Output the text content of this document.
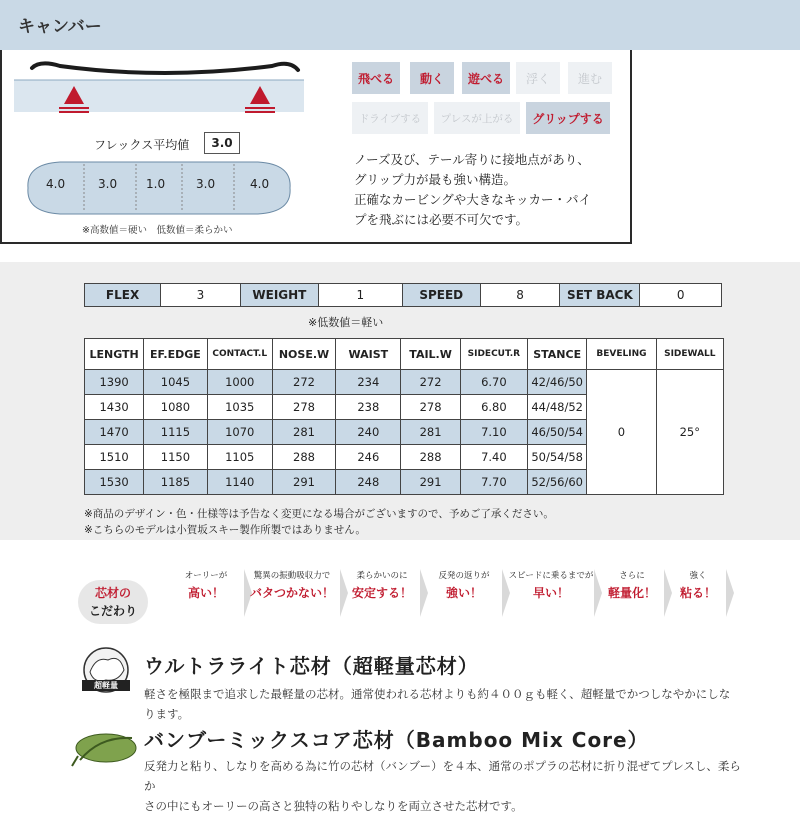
キャンバー
飛べる 動く 遊べる 浮く 進む
ドライブする プレスが上がる グリップする
フレックス平均値	3.0
4.0	3.0 1.0	3.0	4.0
※高数値＝硬い　低数値＝柔らかい
ノーズ及び、テール寄りに接地点があり、
グリップ力が最も強い構造。
正確なカービングや大きなキッカー・パイ
プを飛ぶには必要不可欠です。
FLEX	3	WEIGHT	1	SPEED	8	SET BACK	0
※低数値＝軽い
LENGTH	EF.EDGE	CONTACT.L	NOSE.W	WAIST	TAIL.W	SIDECUT.R	STANCE	BEVELING	SIDEWALL
1390	1045	1000	272	234	272	6.70	42/46/50	0	25°
1430	1080	1035	278	238	278	6.80	44/48/52		
1470	1115	1070	281	240	281	7.10	46/50/54		
1510	1150	1105	288	246	288	7.40	50/54/58		
1530	1185	1140	291	248	291	7.70	52/56/60		
※商品のデザイン・色・仕様等は予告なく変更になる場合がございますので、予めご了承ください。
※こちらのモデルは小賀坂スキー製作所製ではありません。
芯材の
こだわり
オーリーが
高い！
驚異の振動吸収力で
バタつかない！
柔らかいのに
安定する！
反発の返りが
強い！
スピードに乗るまでが
早い！
さらに
軽量化！
強く
粘る！
超軽量
ウルトラライト芯材（超軽量芯材）
軽さを極限まで追求した最軽量の芯材。通常使われる芯材よりも約４００ｇも軽く、超軽量でかつしなやかにしなります。
バンブーミックスコア芯材（Bamboo Mix Core）
反発力と粘り、しなりを高める為に竹の芯材（バンブー）を４本、通常のポプラの芯材に折り混ぜてプレスし、柔らか
さの中にもオーリーの高さと独特の粘りやしなりを両立させた芯材です。
